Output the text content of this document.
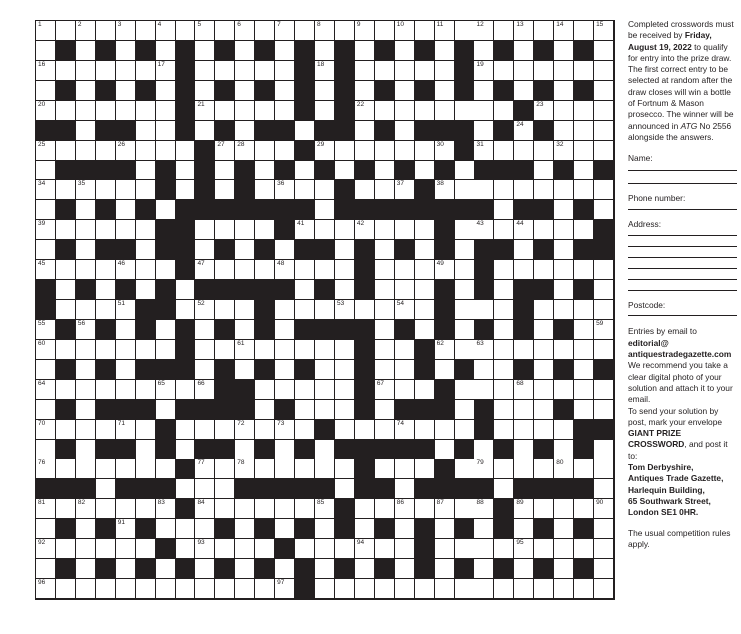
1	2	3	4	5	6	7	8	9	10	11	12	13	14	15
16	17	18	19
20	21	22	23
24
25	26	27 28	29	30	31	32
34	35	36	37	38
39	41	42	43	44
45	46	47	48	49
51	52	53	54
55	56	59
60	61	62	63
64	65	66	67	68
70	71	72	73	74
76	77	78	79	80
81	82	83	84	85	86	87	88	89	90
91
92	93	94	95
96	97

Completed crosswords must be received by Friday, August 19, 2022 to qualify for entry into the prize draw. The first correct entry to be selected at random after the draw closes will win a bottle of Fortnum & Mason prosecco. The winner will be announced in ATG No 2556 alongside the answers.

Name:

Phone number:

Address:

Postcode:

Entries by email to editorial@ antiquestradegazette.com

We recommend you take a clear digital photo of your solution and attach it to your email.

To send your solution by post, mark your envelope GIANT PRIZE CROSSWORD, and post it to:

Tom Derbyshire,

Antiques Trade Gazette,

Harlequin Building,

65 Southwark Street,

London SE1 0HR.

The usual competition rules apply.
